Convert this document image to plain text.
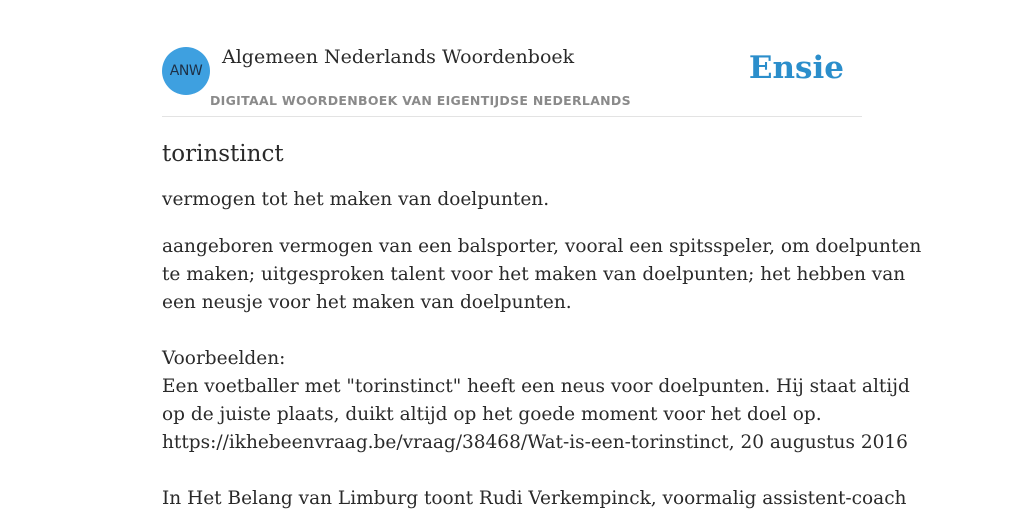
ANW
Algemeen Nederlands Woordenboek
DIGITAAL WOORDENBOEK VAN EIGENTIJDSE NEDERLANDS
Ensie
torinstinct

vermogen tot het maken van doelpunten.

aangeboren vermogen van een balsporter, vooral een spitsspeler, om doelpunten
te maken; uitgesproken talent voor het maken van doelpunten; het hebben van
een neusje voor het maken van doelpunten.
Voorbeelden:
Een voetballer met "torinstinct" heeft een neus voor doelpunten. Hij staat altijd
op de juiste plaats, duikt altijd op het goede moment voor het doel op.
https://ikhebeenvraag.be/vraag/38468/Wat-is-een-torinstinct, 20 augustus 2016
In Het Belang van Limburg toont Rudi Verkempinck, voormalig assistent-coach
